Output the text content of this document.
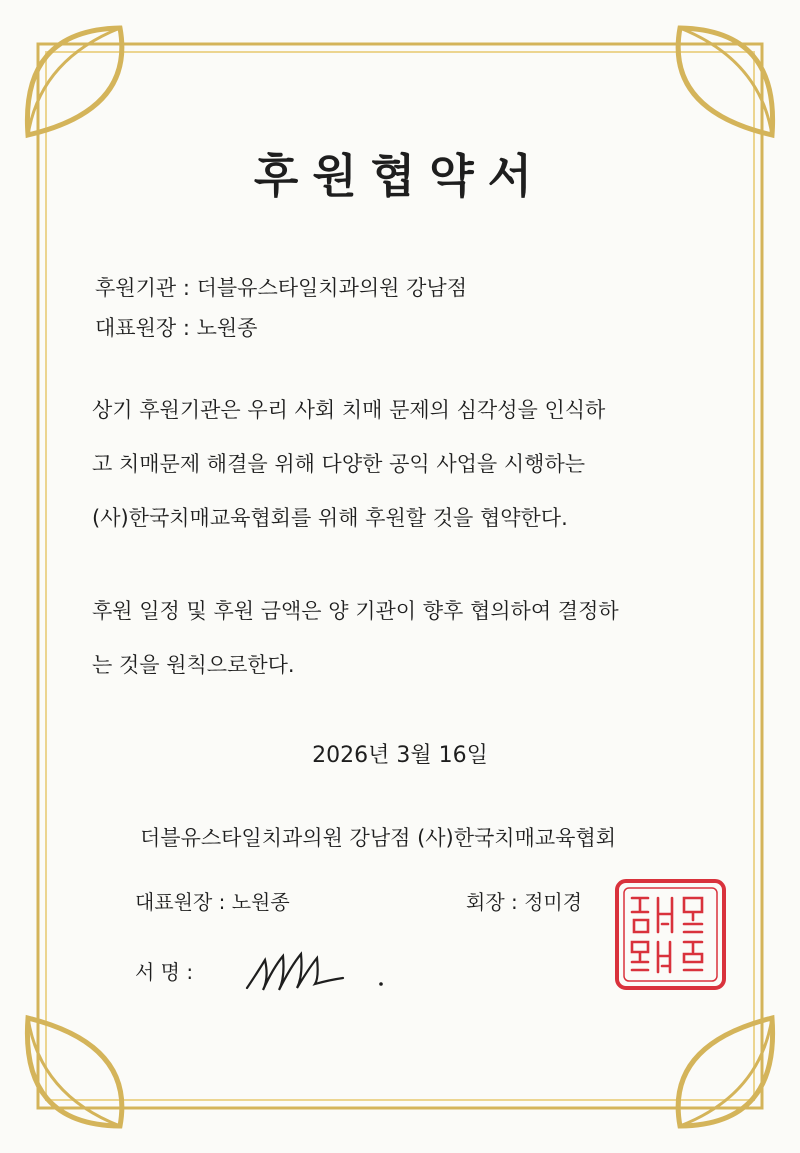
후원협약서
후원기관 : 더블유스타일치과의원 강남점
대표원장 : 노원종
상기 후원기관은 우리 사회 치매 문제의 심각성을 인식하
고 치매문제 해결을 위해 다양한 공익 사업을 시행하는
(사)한국치매교육협회를 위해 후원할 것을 협약한다.
후원 일정 및 후원 금액은 양 기관이 향후 협의하여 결정하
는 것을 원칙으로한다.
2026년 3월 16일
더블유스타일치과의원 강남점 (사)한국치매교육협회
대표원장 : 노원종	회장 : 정미경
서 명 :
